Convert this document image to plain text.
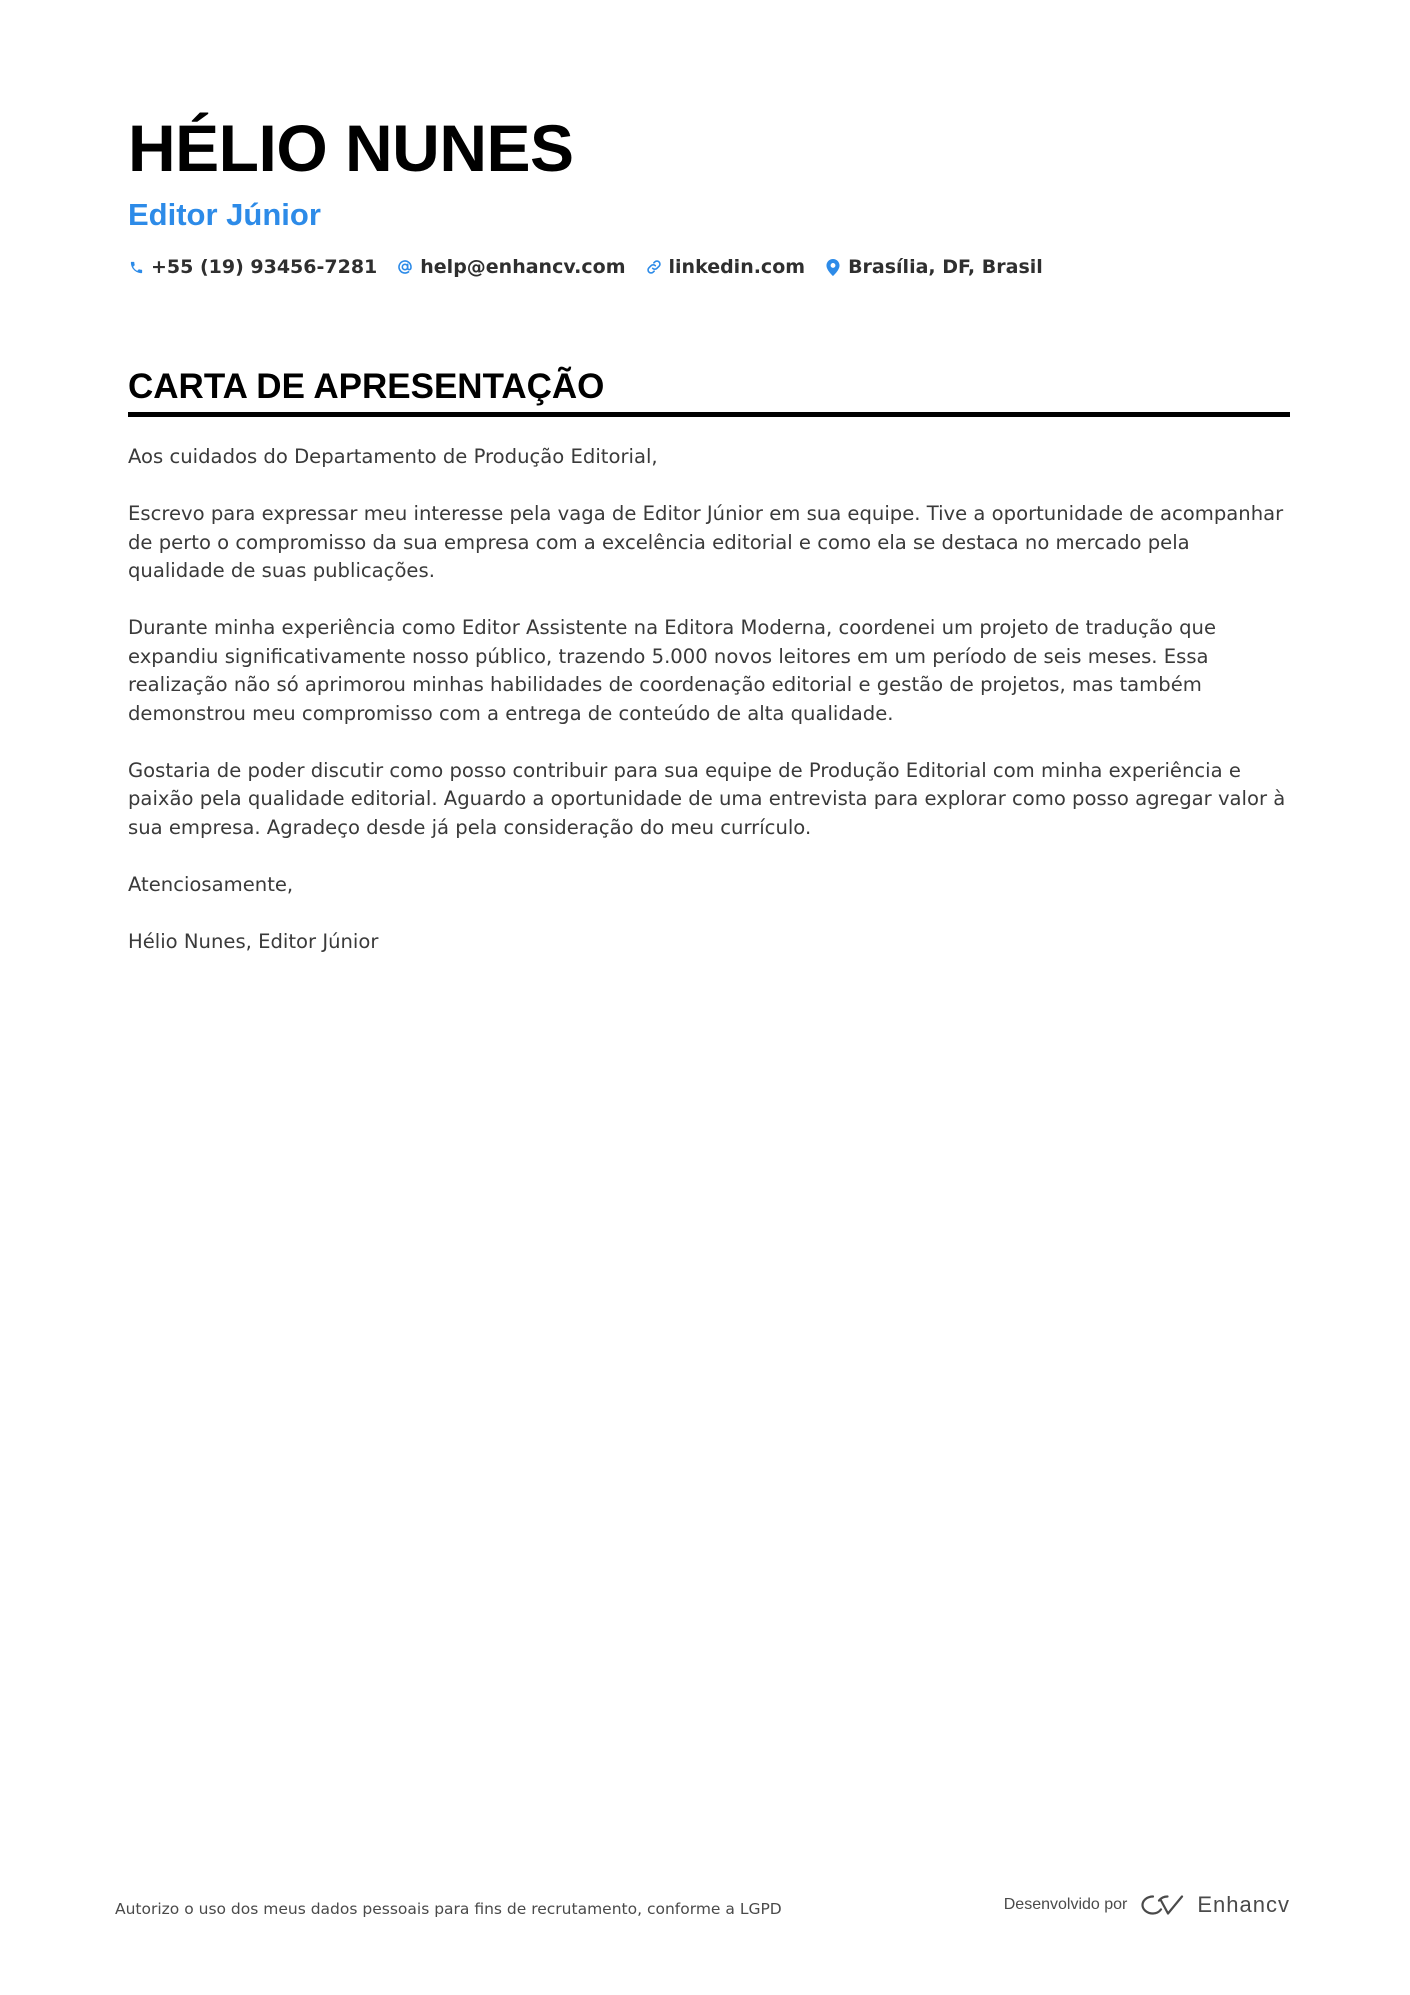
HÉLIO NUNES
Editor Júnior
+55 (19) 93456-7281 help@enhancv.com linkedin.com Brasília, DF, Brasil
CARTA DE APRESENTAÇÃO

Aos cuidados do Departamento de Produção Editorial,

Escrevo para expressar meu interesse pela vaga de Editor Júnior em sua equipe. Tive a oportunidade de acompanhar de perto o compromisso da sua empresa com a excelência editorial e como ela se destaca no mercado pela qualidade de suas publicações.

Durante minha experiência como Editor Assistente na Editora Moderna, coordenei um projeto de tradução que expandiu significativamente nosso público, trazendo 5.000 novos leitores em um período de seis meses. Essa realização não só aprimorou minhas habilidades de coordenação editorial e gestão de projetos, mas também demonstrou meu compromisso com a entrega de conteúdo de alta qualidade.

Gostaria de poder discutir como posso contribuir para sua equipe de Produção Editorial com minha experiência e paixão pela qualidade editorial. Aguardo a oportunidade de uma entrevista para explorar como posso agregar valor à sua empresa. Agradeço desde já pela consideração do meu currículo.

Atenciosamente,

Hélio Nunes, Editor Júnior

Autorizo o uso dos meus dados pessoais para fins de recrutamento, conforme a LGPD	Desenvolvido por	Enhancv
